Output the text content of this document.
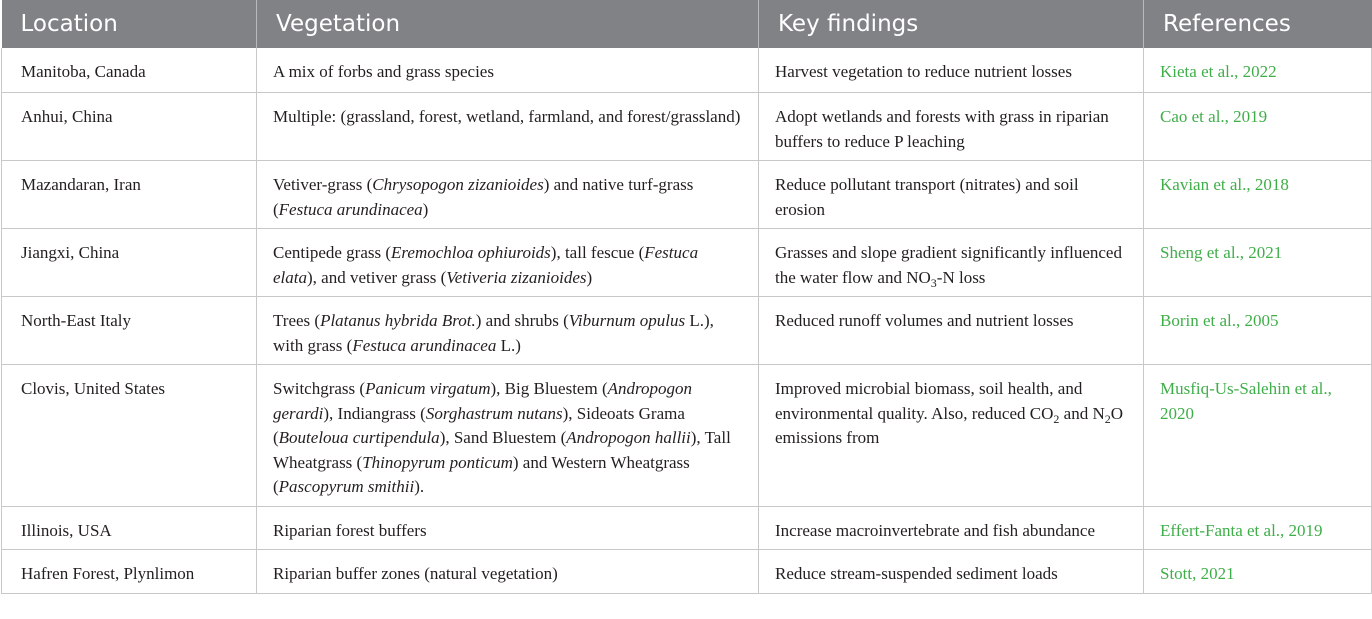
Location	Vegetation	Key findings	References
Manitoba, Canada	A mix of forbs and grass species	Harvest vegetation to reduce nutrient losses	Kieta et al., 2022
Anhui, China	Multiple: (grassland, forest, wetland, farmland, and forest/grassland)	Adopt wetlands and forests with grass in riparian buffers to reduce P leaching	Cao et al., 2019
Mazandaran, Iran	Vetiver-grass (Chrysopogon zizanioides) and native turf-grass (Festuca arundinacea)	Reduce pollutant transport (nitrates) and soil erosion	Kavian et al., 2018
Jiangxi, China	Centipede grass (Eremochloa ophiuroids), tall fescue (Festuca elata), and vetiver grass (Vetiveria zizanioides)	Grasses and slope gradient significantly influenced the water flow and $NO_3-N$ loss	Sheng et al., 2021
North-East Italy	Trees (Platanus hybrida Brot.) and shrubs (Viburnum opulus L.), with grass (Festuca arundinacea L.)	Reduced runoff volumes and nutrient losses	Borin et al., 2005
Clovis, United States	Switchgrass (Panicum virgatum), Big Bluestem (Andropogon gerardi), Indiangrass (Sorghastrum nutans), Sideoats Grama (Bouteloua curtipendula), Sand Bluestem (Andropogon hallii), Tall Wheatgrass (Thinopyrum ponticum) and Western Wheatgrass (Pascopyrum smithii).	Improved microbial biomass, soil health, and environmental quality. Also, reduced $CO_2$ and $N_2O$ emissions from	Musfiq-Us-Salehin et al., 2020
Illinois, USA	Riparian forest buffers	Increase macroinvertebrate and fish abundance	Effert-Fanta et al., 2019
Hafren Forest, Plynlimon	Riparian buffer zones (natural vegetation)	Reduce stream-suspended sediment loads	Stott, 2021
